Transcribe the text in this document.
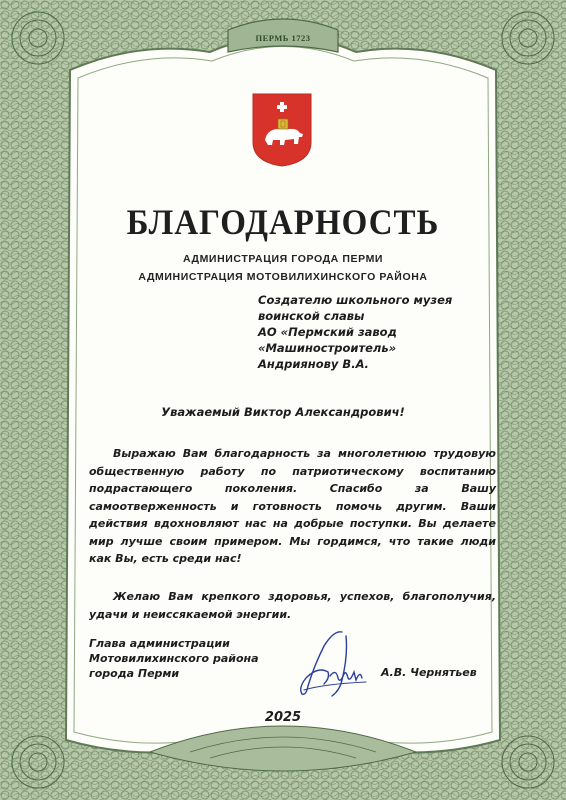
ПЕРМЬ 1723
БЛАГОДАРНОСТЬ
АДМИНИСТРАЦИЯ ГОРОДА ПЕРМИ
АДМИНИСТРАЦИЯ МОТОВИЛИХИНСКОГО РАЙОНА
Создателю школьного музея
воинской славы
АО «Пермский завод
«Машиностроитель»
Андриянову В.А.
Уважаемый Виктор Александрович!
Выражаю Вам благодарность за многолетнюю трудовую общественную работу по патриотическому воспитанию подрастающего поколения. Спасибо за Вашу самоотверженность и готовность помочь другим. Ваши действия вдохновляют нас на добрые поступки. Вы делаете мир лучше своим примером. Мы гордимся, что такие люди как Вы, есть среди нас!
Желаю Вам крепкого здоровья, успехов, благополучия, удачи и неиссякаемой энергии.
Глава администрации
Мотовилихинского района
города Перми	А.В. Чернятьев
2025
